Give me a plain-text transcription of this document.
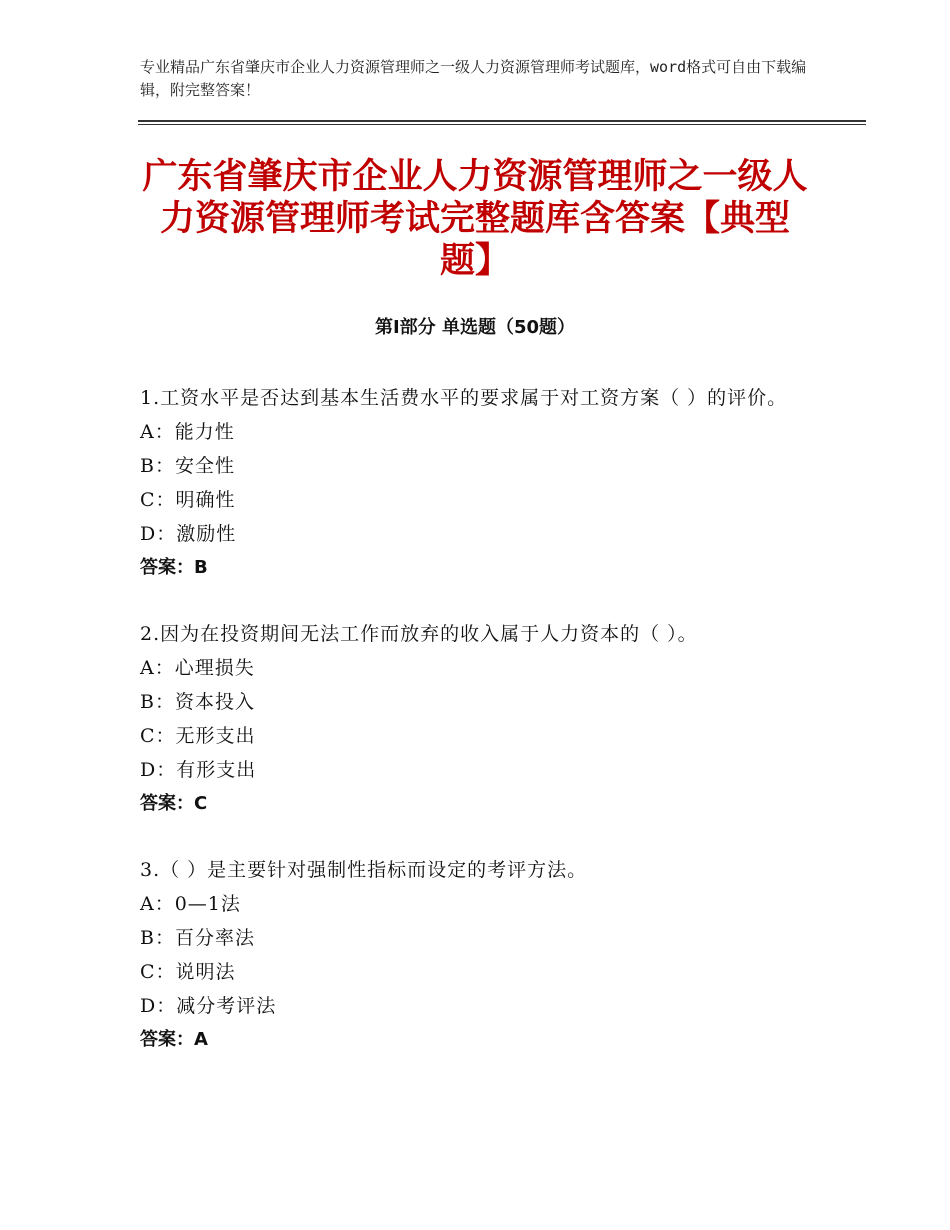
专业精品广东省肇庆市企业人力资源管理师之一级人力资源管理师考试题库，word格式可自由下载编辑，附完整答案！
广东省肇庆市企业人力资源管理师之一级人力资源管理师考试完整题库含答案【典型题】
第Ⅰ部分 单选题（50题）
1.工资水平是否达到基本生活费水平的要求属于对工资方案（ ）的评价。
A：能力性
B：安全性
C：明确性
D：激励性
答案：B
2.因为在投资期间无法工作而放弃的收入属于人力资本的（ ）。
A：心理损失
B：资本投入
C：无形支出
D：有形支出
答案：C
3.（ ）是主要针对强制性指标而设定的考评方法。
A：0—1法
B：百分率法
C：说明法
D：减分考评法
答案：A
